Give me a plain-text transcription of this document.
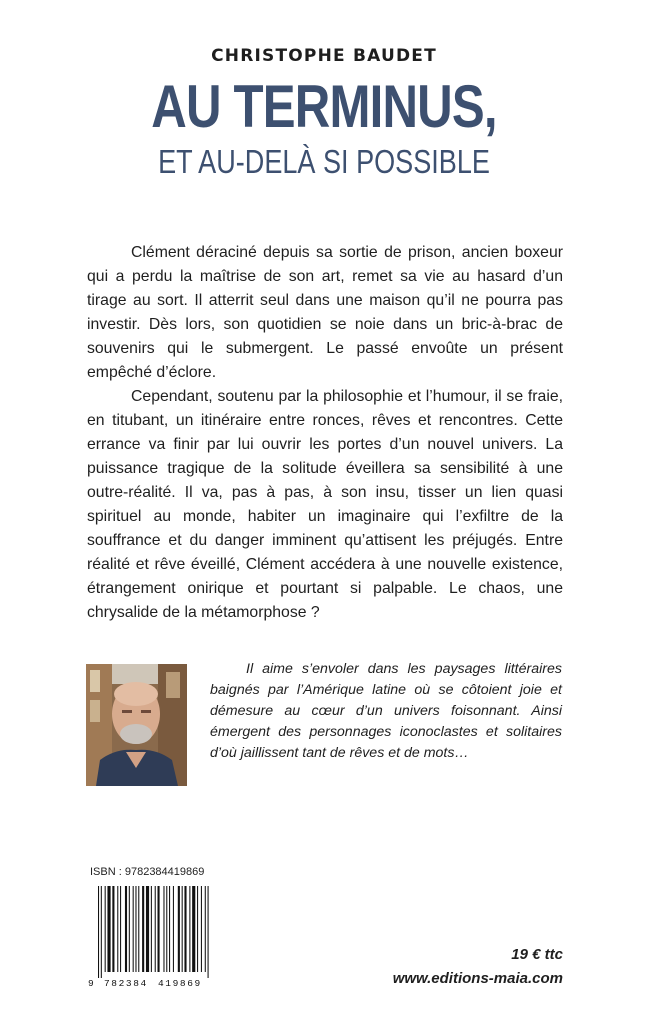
CHRISTOPHE BAUDET
AU TERMINUS,
ET AU-DELÀ SI POSSIBLE

Clément déraciné depuis sa sortie de prison, ancien boxeur qui a perdu la maîtrise de son art, remet sa vie au hasard d’un tirage au sort. Il atterrit seul dans une maison qu’il ne pourra pas investir. Dès lors, son quotidien se noie dans un bric-à-brac de souvenirs qui le submergent. Le passé envoûte un présent empêché d’éclore.

Cependant, soutenu par la philosophie et l’humour, il se fraie, en titubant, un itinéraire entre ronces, rêves et rencontres. Cette errance va finir par lui ouvrir les portes d’un nouvel univers. La puissance tragique de la solitude éveillera sa sensibilité à une outre-réalité. Il va, pas à pas, à son insu, tisser un lien quasi spirituel au monde, habiter un imaginaire qui l’exfiltre de la souffrance et du danger imminent qu’attisent les préjugés. Entre réalité et rêve éveillé, Clément accédera à une nouvelle existence, étrangement onirique et pourtant si palpable. Le chaos, une chrysalide de la métamorphose ?

Il aime s’envoler dans les paysages littéraires baignés par l’Amérique latine où se côtoient joie et démesure au cœur d’un univers foisonnant. Ainsi émergent des personnages iconoclastes et solitaires d’où jaillissent tant de rêves et de mots…

ISBN : 9782384419869
9 782384 419869
19 € ttc
www.editions-maia.com
